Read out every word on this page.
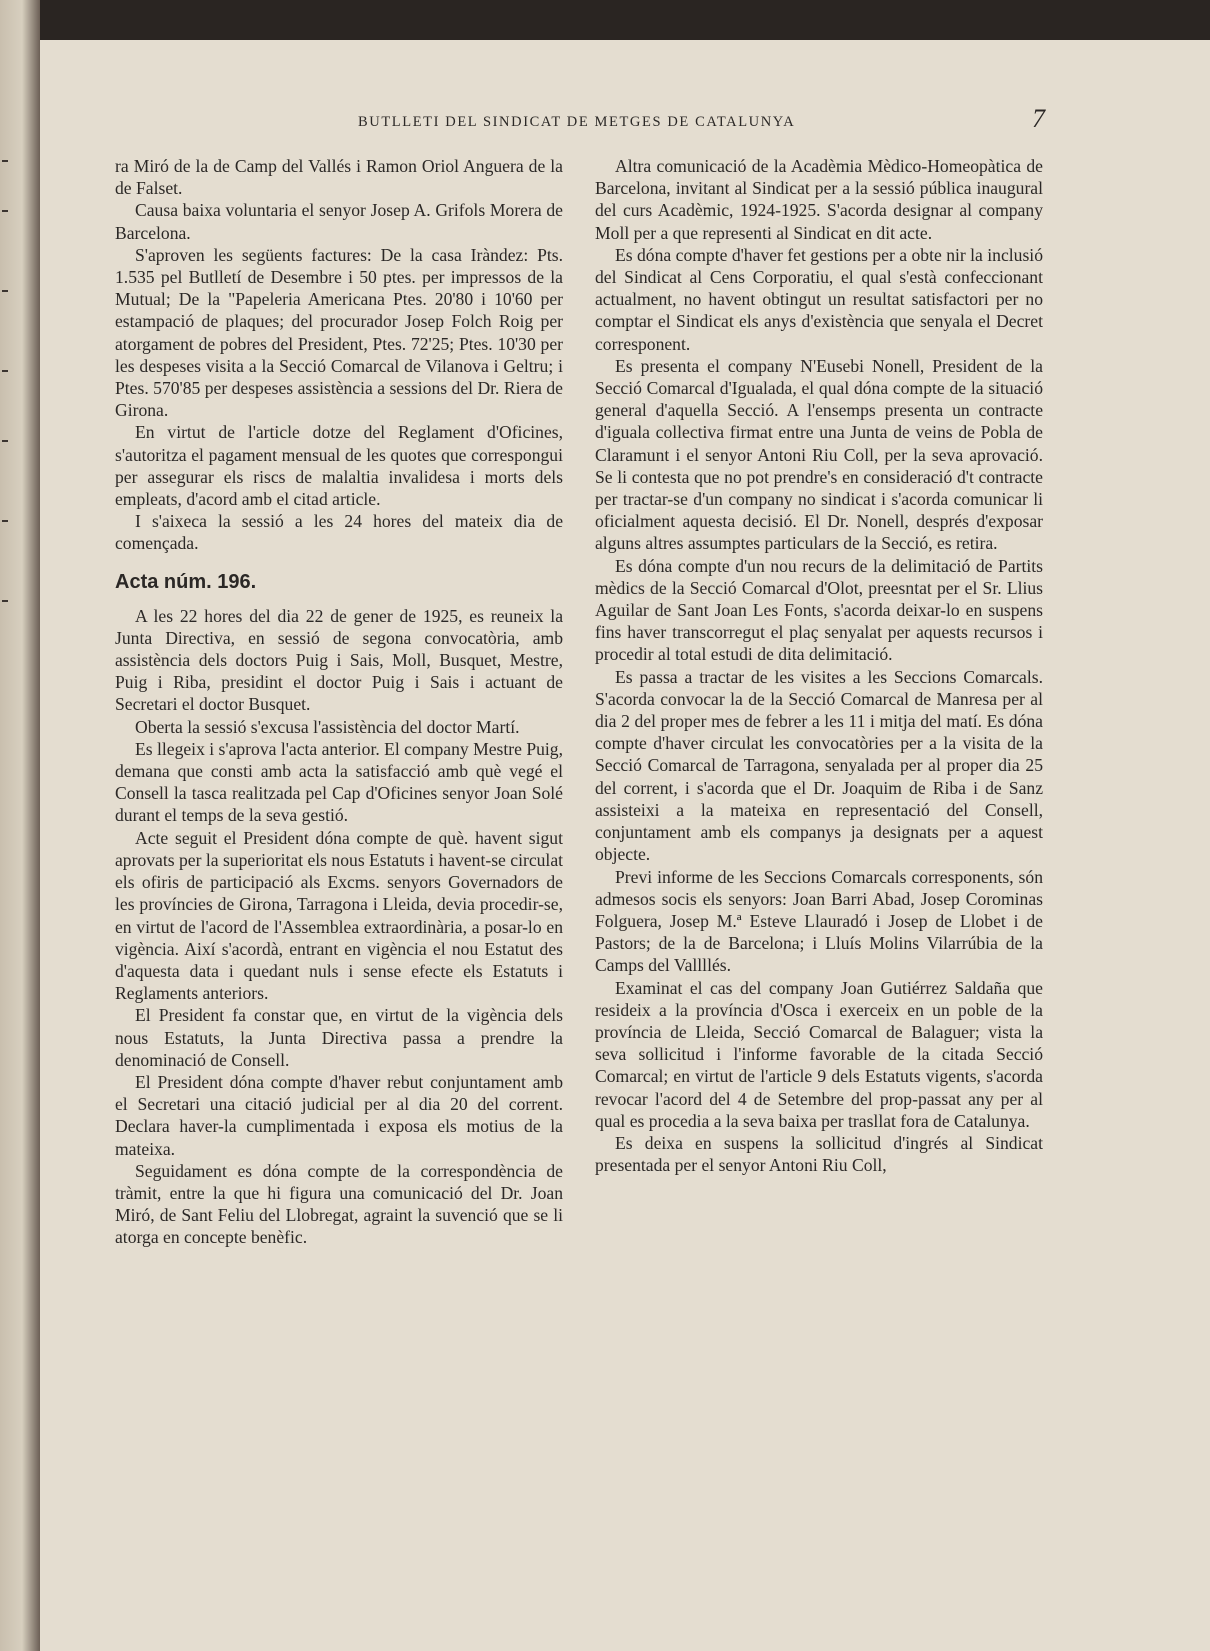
BUTLLETI DEL SINDICAT DE METGES DE CATALUNYA	7

ra Miró de la de Camp del Vallés i Ramon Oriol Anguera de la de Falset.

Causa baixa voluntaria el senyor Josep A. Grifols Morera de Barcelona.

S'aproven les següents factures: De la casa Iràndez: Pts. 1.535 pel Butlletí de Desembre i 50 ptes. per impressos de la Mutual; De la "Papeleria Americana Ptes. 20'80 i 10'60 per estampació de plaques; del procurador Josep Folch Roig per atorgament de pobres del President, Ptes. 72'25; Ptes. 10'30 per les despeses visita a la Secció Comarcal de Vilanova i Geltru; i Ptes. 570'85 per despeses assistència a sessions del Dr. Riera de Girona.

En virtut de l'article dotze del Reglament d'Oficines, s'autoritza el pagament mensual de les quotes que correspongui per assegurar els riscs de malaltia invalidesa i morts dels empleats, d'acord amb el citad article.

I s'aixeca la sessió a les 24 hores del mateix dia de començada.

Acta núm. 196.

A les 22 hores del dia 22 de gener de 1925, es reuneix la Junta Directiva, en sessió de segona convocatòria, amb assistència dels doctors Puig i Sais, Moll, Busquet, Mestre, Puig i Riba, presidint el doctor Puig i Sais i actuant de Secretari el doctor Busquet.

Oberta la sessió s'excusa l'assistència del doctor Martí.

Es llegeix i s'aprova l'acta anterior. El company Mestre Puig, demana que consti amb acta la satisfacció amb què vegé el Consell la tasca realitzada pel Cap d'Oficines senyor Joan Solé durant el temps de la seva gestió.

Acte seguit el President dóna compte de què. havent sigut aprovats per la superioritat els nous Estatuts i havent-se circulat els ofiris de participació als Excms. senyors Governadors de les províncies de Girona, Tarragona i Lleida, devia procedir-se, en virtut de l'acord de l'Assemblea extraordinària, a posar-lo en vigència. Així s'acordà, entrant en vigència el nou Estatut des d'aquesta data i quedant nuls i sense efecte els Estatuts i Reglaments anteriors.

El President fa constar que, en virtut de la vigència dels nous Estatuts, la Junta Directiva passa a prendre la denominació de Consell.

El President dóna compte d'haver rebut conjuntament amb el Secretari una citació judicial per al dia 20 del corrent. Declara haver-la cumplimentada i exposa els motius de la mateixa.

Seguidament es dóna compte de la correspondència de tràmit, entre la que hi figura una comunicació del Dr. Joan Miró, de Sant Feliu del Llobregat, agraint la suvenció que se li atorga en concepte benèfic.

Altra comunicació de la Acadèmia Mèdico-Homeopàtica de Barcelona, invitant al Sindicat per a la sessió pública inaugural del curs Acadèmic, 1924-1925. S'acorda designar al company Moll per a que representi al Sindicat en dit acte.

Es dóna compte d'haver fet gestions per a obte nir la inclusió del Sindicat al Cens Corporatiu, el qual s'està confeccionant actualment, no havent obtingut un resultat satisfactori per no comptar el Sindicat els anys d'existència que senyala el Decret corresponent.

Es presenta el company N'Eusebi Nonell, President de la Secció Comarcal d'Igualada, el qual dóna compte de la situació general d'aquella Secció. A l'ensemps presenta un contracte d'iguala collectiva firmat entre una Junta de veins de Pobla de Claramunt i el senyor Antoni Riu Coll, per la seva aprovació. Se li contesta que no pot prendre's en consideració d't contracte per tractar-se d'un company no sindicat i s'acorda comunicar li oficialment aquesta decisió. El Dr. Nonell, després d'exposar alguns altres assumptes particulars de la Secció, es retira.

Es dóna compte d'un nou recurs de la delimitació de Partits mèdics de la Secció Comarcal d'Olot, preesntat per el Sr. Llius Aguilar de Sant Joan Les Fonts, s'acorda deixar-lo en suspens fins haver transcorregut el plaç senyalat per aquests recursos i procedir al total estudi de dita delimitació.

Es passa a tractar de les visites a les Seccions Comarcals. S'acorda convocar la de la Secció Comarcal de Manresa per al dia 2 del proper mes de febrer a les 11 i mitja del matí. Es dóna compte d'haver circulat les convocatòries per a la visita de la Secció Comarcal de Tarragona, senyalada per al proper dia 25 del corrent, i s'acorda que el Dr. Joaquim de Riba i de Sanz assisteixi a la mateixa en representació del Consell, conjuntament amb els companys ja designats per a aquest objecte.

Previ informe de les Seccions Comarcals corresponents, són admesos socis els senyors: Joan Barri Abad, Josep Corominas Folguera, Josep M.ª Esteve Llauradó i Josep de Llobet i de Pastors; de la de Barcelona; i Lluís Molins Vilarrúbia de la Camps del Vallllés.

Examinat el cas del company Joan Gutiérrez Saldaña que resideix a la província d'Osca i exerceix en un poble de la província de Lleida, Secció Comarcal de Balaguer; vista la seva sollicitud i l'informe favorable de la citada Secció Comarcal; en virtut de l'article 9 dels Estatuts vigents, s'acorda revocar l'acord del 4 de Setembre del prop-passat any per al qual es procedia a la seva baixa per trasllat fora de Catalunya.

Es deixa en suspens la sollicitud d'ingrés al Sindicat presentada per el senyor Antoni Riu Coll,
